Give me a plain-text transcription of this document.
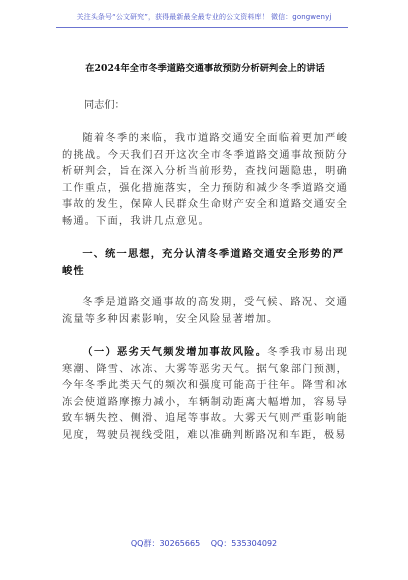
关注头条号“公文研究”，获得最新最全最专业的公文资料库！ 微信：gongwenyj
在2024年全市冬季道路交通事故预防分析研判会上的讲话
同志们：

随着冬季的来临，我市道路交通安全面临着更加严峻的挑战。今天我们召开这次全市冬季道路交通事故预防分析研判会，旨在深入分析当前形势，查找问题隐患，明确工作重点，强化措施落实，全力预防和减少冬季道路交通事故的发生，保障人民群众生命财产安全和道路交通安全畅通。下面，我讲几点意见。

一、统一思想，充分认清冬季道路交通安全形势的严峻性

冬季是道路交通事故的高发期，受气候、路况、交通流量等多种因素影响，安全风险显著增加。

（一）恶劣天气频发增加事故风险。冬季我市易出现寒潮、降雪、冰冻、大雾等恶劣天气。据气象部门预测，今年冬季此类天气的频次和强度可能高于往年。降雪和冰冻会使道路摩擦力减小，车辆制动距离大幅增加，容易导致车辆失控、侧滑、追尾等事故。大雾天气则严重影响能见度，驾驶员视线受阻，难以准确判断路况和车距，极易

QQ群：30265665 QQ：535304092
